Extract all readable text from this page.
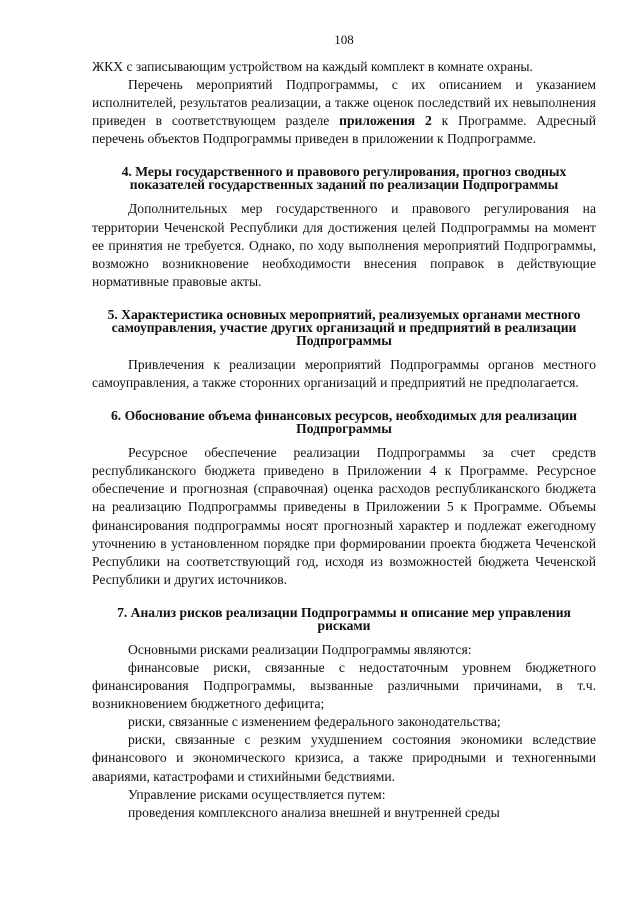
108

ЖКХ с записывающим устройством на каждый комплект в комнате охраны.

Перечень мероприятий Подпрограммы, с их описанием и указанием исполнителей, результатов реализации, а также оценок последствий их невыполнения приведен в соответствующем разделе приложения 2 к Программе. Адресный перечень объектов Подпрограммы приведен в приложении к Подпрограмме.

4. Меры государственного и правового регулирования, прогноз сводных показателей государственных заданий по реализации Подпрограммы

Дополнительных мер государственного и правового регулирования на территории Чеченской Республики для достижения целей Подпрограммы на момент ее принятия не требуется. Однако, по ходу выполнения мероприятий Подпрограммы, возможно возникновение необходимости внесения поправок в действующие нормативные правовые акты.

5. Характеристика основных мероприятий, реализуемых органами местного самоуправления, участие других организаций и предприятий в реализации Подпрограммы

Привлечения к реализации мероприятий Подпрограммы органов местного самоуправления, а также сторонних организаций и предприятий не предполагается.

6. Обоснование объема финансовых ресурсов, необходимых для реализации Подпрограммы

Ресурсное обеспечение реализации Подпрограммы за счет средств республиканского бюджета приведено в Приложении 4 к Программе. Ресурсное обеспечение и прогнозная (справочная) оценка расходов республиканского бюджета на реализацию Подпрограммы приведены в Приложении 5 к Программе. Объемы финансирования подпрограммы носят прогнозный характер и подлежат ежегодному уточнению в установленном порядке при формировании проекта бюджета Чеченской Республики на соответствующий год, исходя из возможностей бюджета Чеченской Республики и других источников.

7. Анализ рисков реализации Подпрограммы и описание мер управления рисками

Основными рисками реализации Подпрограммы являются:

финансовые риски, связанные с недостаточным уровнем бюджетного финансирования Подпрограммы, вызванные различными причинами, в т.ч. возникновением бюджетного дефицита;

риски, связанные с изменением федерального законодательства;

риски, связанные с резким ухудшением состояния экономики вследствие финансового и экономического кризиса, а также природными и техногенными авариями, катастрофами и стихийными бедствиями.

Управление рисками осуществляется путем:

проведения комплексного анализа внешней и внутренней среды
